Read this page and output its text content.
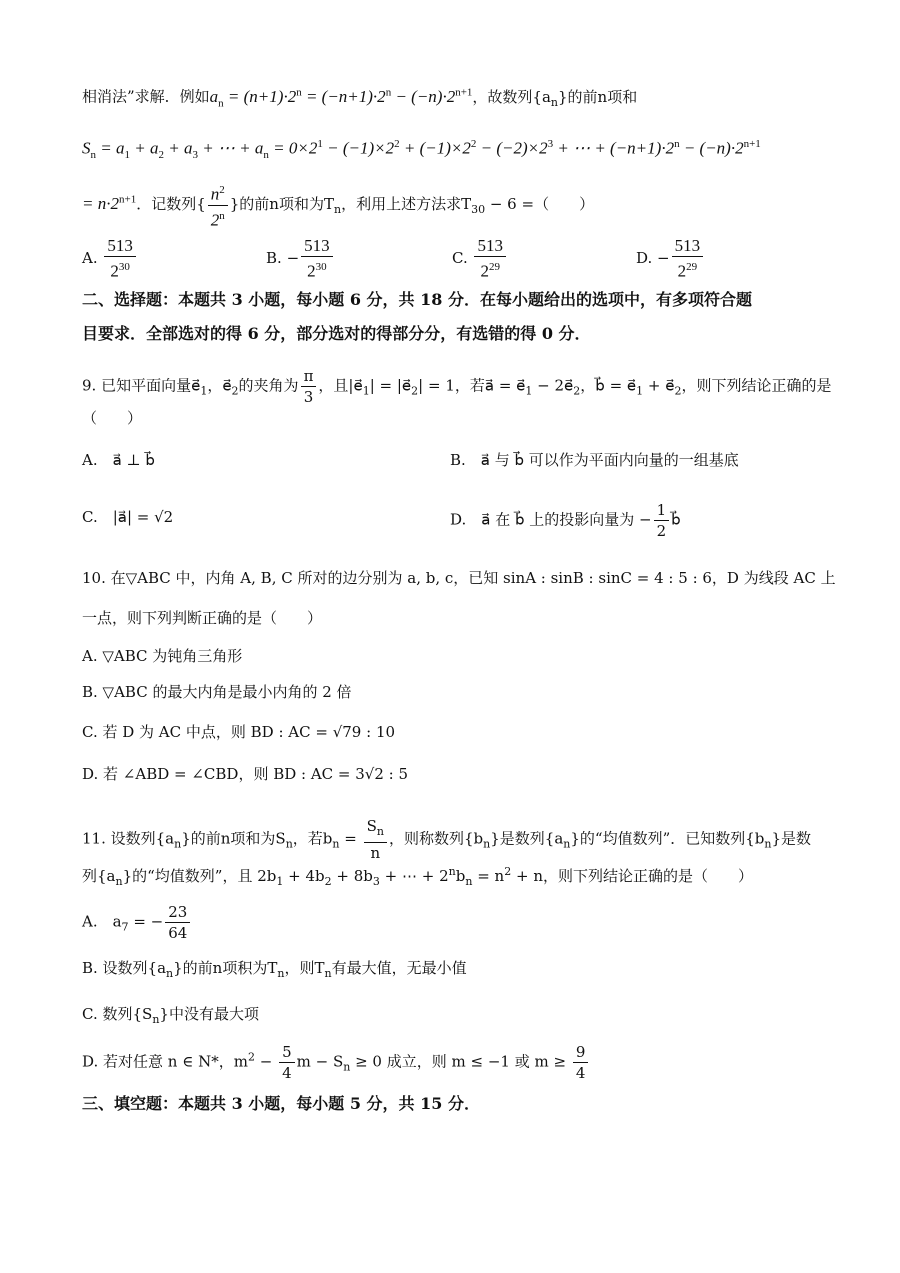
相消法”求解．例如$a_n = (n+1)\cdot 2^n = (-n+1)\cdot 2^n - (-n)\cdot 2^{n+1}$，故数列$\{a_n\}$的前n项和
$S_n = a_1 + a_2 + a_3$ + ⋯ + $a_n = 0\times 2^1 - (-1)\times 2^2 + (-1)\times 2^2 - (-2)\times 2^3$ + ⋯ + $(-n+1)\cdot 2^n - (-n)\cdot 2^{n+1}$
= $n\cdot 2^{n+1}$．记数列{ $\frac{n^2}{2^n}$ }的前n项和为$T_n$，利用上述方法求$T_{30} - 6$ =（　　）
A. $\frac{513}{2^{30}}$	B. − $\frac{513}{2^{30}}$	C. $\frac{513}{2^{29}}$	D. − $\frac{513}{2^{29}}$
二、选择题：本题共 3 小题，每小题 6 分，共 18 分．在每小题给出的选项中，有多项符合题
目要求．全部选对的得 6 分，部分选对的得部分分，有选错的得 0 分．
9. 已知平面向量$e⃗_1$，$e⃗_2$的夹角为 $\frac{\pi}{3}$ ，且$|e⃗_1|$ = $|e⃗_2| = 1$，若a⃗ = $e⃗_1$ − $2e⃗_2$，b⃗ = $e⃗_1$ + $e⃗_2$，则下列结论正确的是
（　　）
A.　a⃗ ⊥ b⃗	B.　a⃗ 与 b⃗ 可以作为平面内向量的一组基底
C.　|a⃗| = √2	D.　a⃗ 在 b⃗ 上的投影向量为 − $\frac{1}{2}$ b⃗
10. 在▽ABC 中，内角 A, B, C 所对的边分别为 a, b, c，已知 sinA : sinB : sinC = 4 : 5 : 6，D 为线段 AC 上
一点，则下列判断正确的是（　　）
A. ▽ABC 为钝角三角形
B. ▽ABC 的最大内角是最小内角的 2 倍
C. 若 D 为 AC 中点，则 BD : AC = √79 : 10
D. 若 ∠ABD = ∠CBD，则 BD : AC = 3√2 : 5
11. 设数列$\{a_n\}$的前n项和为$S_n$，若$b_n = \frac{S_n}{n}$ ，则称数列$\{b_n\}$是数列$\{a_n\}$的“均值数列”．已知数列$\{b_n\}$是数
列$\{a_n\}$的“均值数列”，且 $2b_1 + 4b_2 + 8b_3$ + ⋯ + $2^nb_n = n^2 + n$，则下列结论正确的是（　　）
A.　$a_7$ = − $\frac{23}{64}$
B. 设数列$\{a_n\}$的前n项积为$T_n$，则$T_n$有最大值，无最小值
C. 数列$\{S_n\}$中没有最大项
D. 若对任意 n ∈ N*，$m^2 - \frac{5}{4}$ $m - S_n \ge 0$ 成立，则 m ≤ −1 或 $m \ge \frac{9}{4}$
三、填空题：本题共 3 小题，每小题 5 分，共 15 分．
